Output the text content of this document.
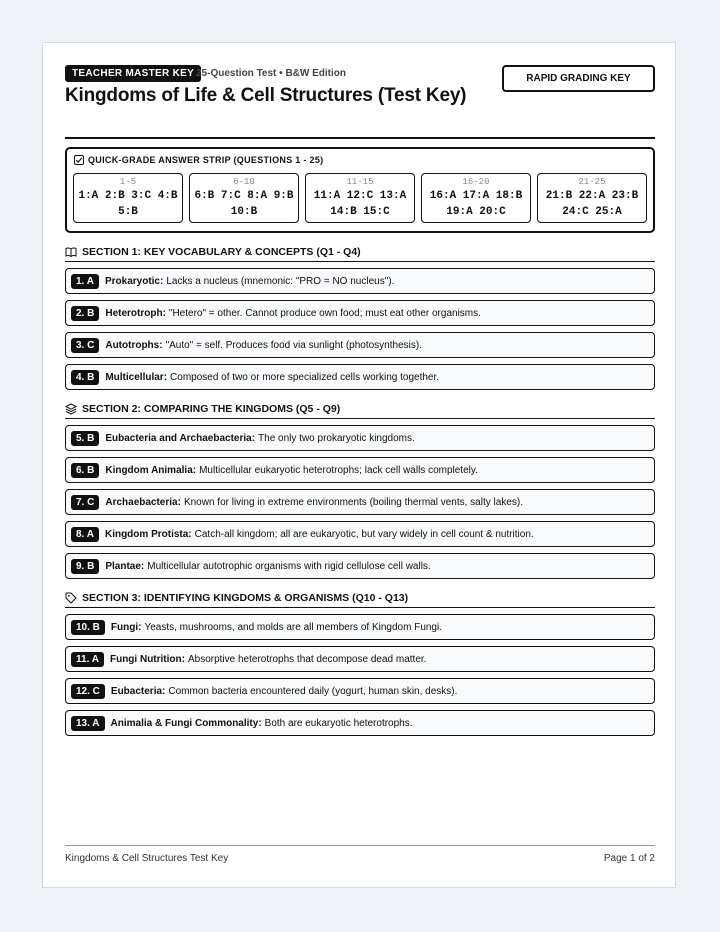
TEACHER MASTER KEY 25-Question Test • B&W Edition
Kingdoms of Life & Cell Structures (Test Key)
RAPID GRADING KEY
QUICK-GRADE ANSWER STRIP (QUESTIONS 1 - 25)
1-5
1:A 2:B 3:C 4:B
5:B
6-10
6:B 7:C 8:A 9:B
10:B
11-15
11:A 12:C 13:A
14:B 15:C
16-20
16:A 17:A 18:B
19:A 20:C
21-25
21:B 22:A 23:B
24:C 25:A
SECTION 1: KEY VOCABULARY & CONCEPTS (Q1 - Q4)
1. A	Prokaryotic: Lacks a nucleus (mnemonic: "PRO = NO nucleus").
2. B	Heterotroph: "Hetero" = other. Cannot produce own food; must eat other organisms.
3. C	Autotrophs: "Auto" = self. Produces food via sunlight (photosynthesis).
4. B	Multicellular: Composed of two or more specialized cells working together.
SECTION 2: COMPARING THE KINGDOMS (Q5 - Q9)
5. B	Eubacteria and Archaebacteria: The only two prokaryotic kingdoms.
6. B	Kingdom Animalia: Multicellular eukaryotic heterotrophs; lack cell walls completely.
7. C	Archaebacteria: Known for living in extreme environments (boiling thermal vents, salty lakes).
8. A	Kingdom Protista: Catch-all kingdom; all are eukaryotic, but vary widely in cell count & nutrition.
9. B	Plantae: Multicellular autotrophic organisms with rigid cellulose cell walls.
SECTION 3: IDENTIFYING KINGDOMS & ORGANISMS (Q10 - Q13)
10. B	Fungi: Yeasts, mushrooms, and molds are all members of Kingdom Fungi.
11. A	Fungi Nutrition: Absorptive heterotrophs that decompose dead matter.
12. C	Eubacteria: Common bacteria encountered daily (yogurt, human skin, desks).
13. A	Animalia & Fungi Commonality: Both are eukaryotic heterotrophs.
Kingdoms & Cell Structures Test Key	Page 1 of 2
